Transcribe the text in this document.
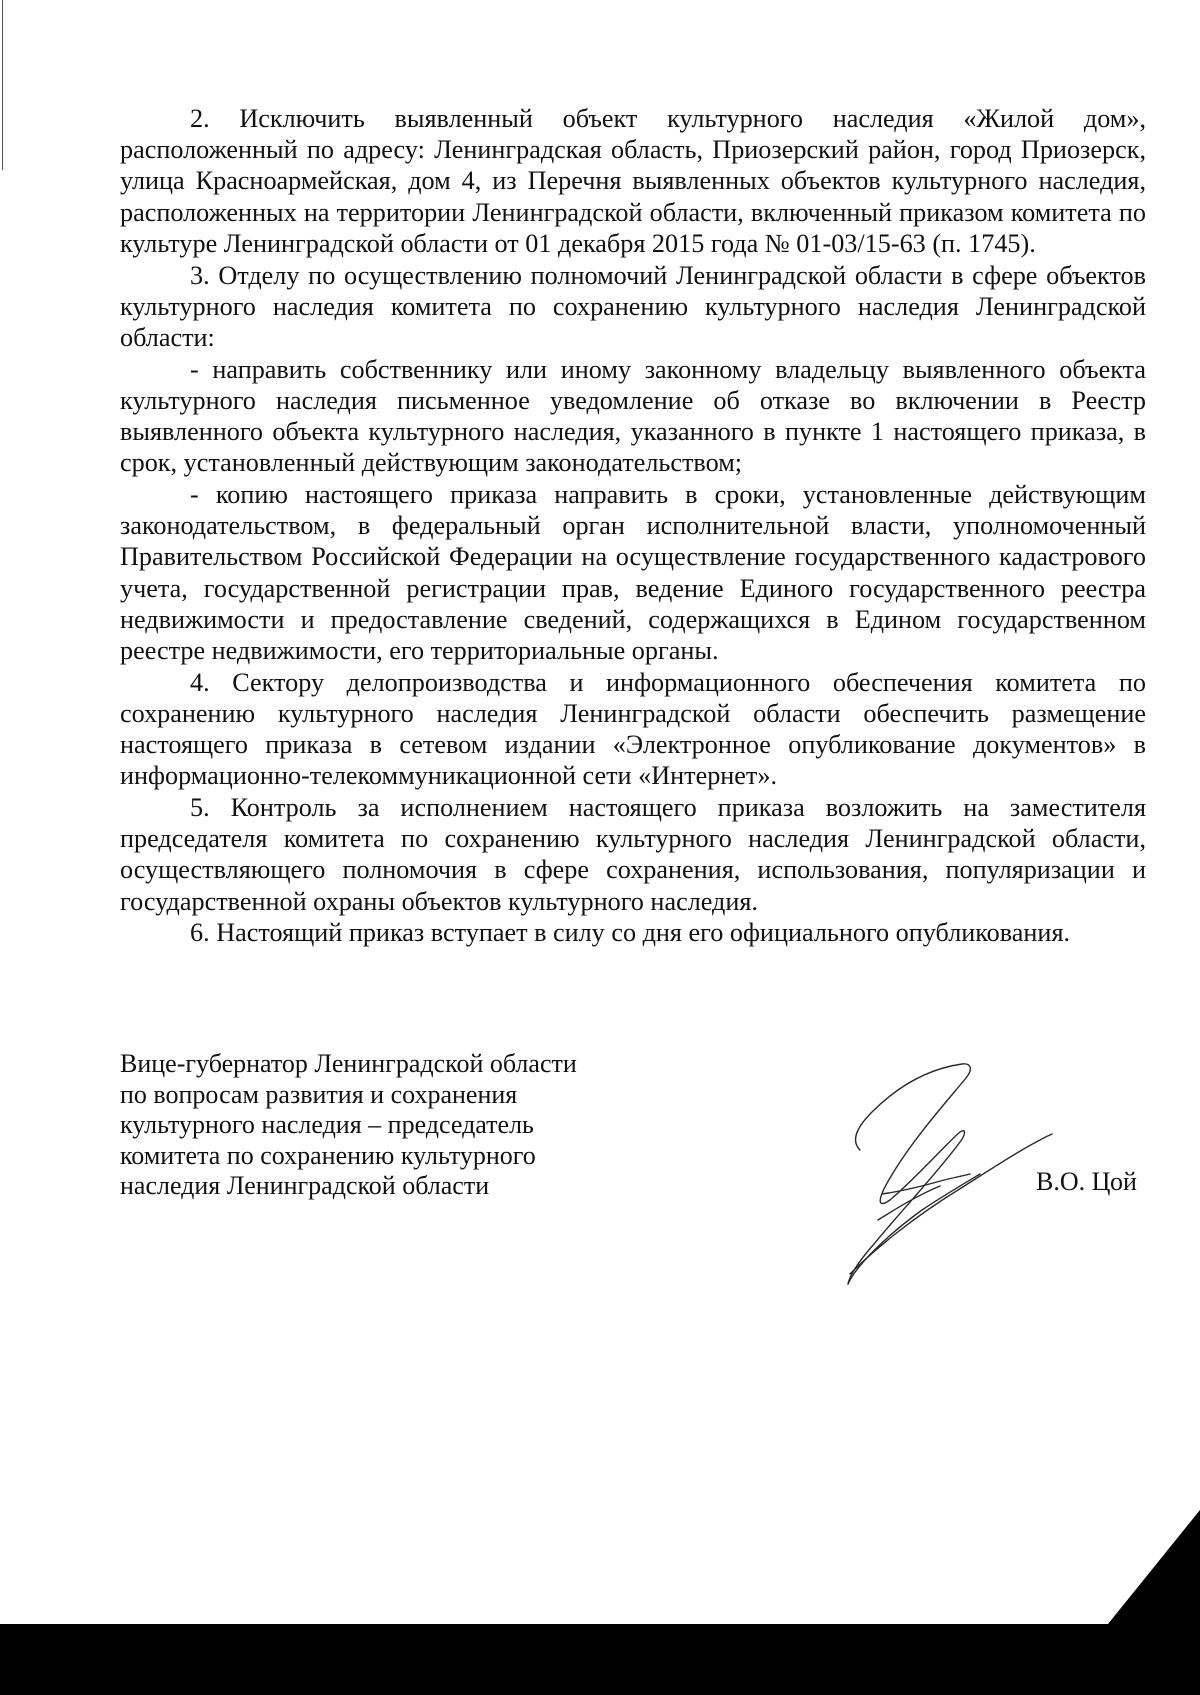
2. Исключить выявленный объект культурного наследия «Жилой дом», расположенный по адресу: Ленинградская область, Приозерский район, город Приозерск, улица Красноармейская, дом 4, из Перечня выявленных объектов культурного наследия, расположенных на территории Ленинградской области, включенный приказом комитета по культуре Ленинградской области от 01 декабря 2015 года № 01-03/15-63 (п. 1745).

3. Отделу по осуществлению полномочий Ленинградской области в сфере объектов культурного наследия комитета по сохранению культурного наследия Ленинградской области:

- направить собственнику или иному законному владельцу выявленного объекта культурного наследия письменное уведомление об отказе во включении в Реестр выявленного объекта культурного наследия, указанного в пункте 1 настоящего приказа, в срок, установленный действующим законодательством;

- копию настоящего приказа направить в сроки, установленные действующим законодательством, в федеральный орган исполнительной власти, уполномоченный Правительством Российской Федерации на осуществление государственного кадастрового учета, государственной регистрации прав, ведение Единого государственного реестра недвижимости и предоставление сведений, содержащихся в Едином государственном реестре недвижимости, его территориальные органы.

4. Сектору делопроизводства и информационного обеспечения комитета по сохранению культурного наследия Ленинградской области обеспечить размещение настоящего приказа в сетевом издании «Электронное опубликование документов» в информационно-телекоммуникационной сети «Интернет».

5. Контроль за исполнением настоящего приказа возложить на заместителя председателя комитета по сохранению культурного наследия Ленинградской области, осуществляющего полномочия в сфере сохранения, использования, популяризации и государственной охраны объектов культурного наследия.

6. Настоящий приказ вступает в силу со дня его официального опубликования.

Вице-губернатор Ленинградской области
по вопросам развития и сохранения
культурного наследия – председатель
комитета по сохранению культурного
наследия Ленинградской области	В.О. Цой
